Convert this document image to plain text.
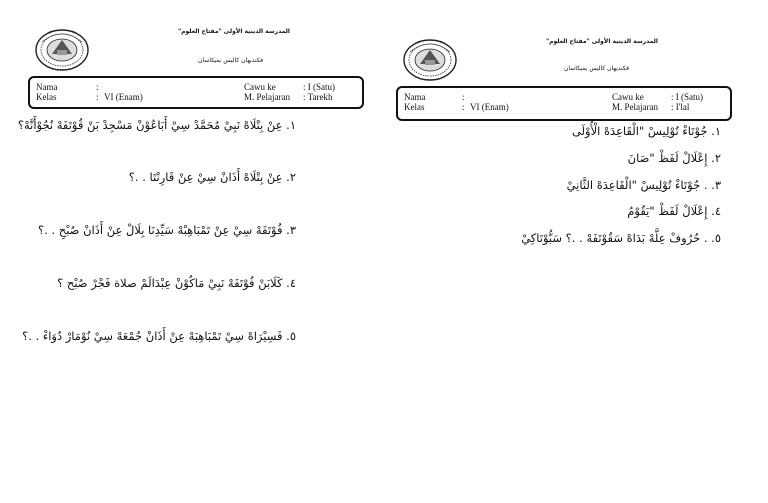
المدرسة الدينية الأولى "مفتاح العلوم"
فكنديهان كاليس بميكاسان
Nama	:
Kelas	: VI (Enam)
Cawu ke	: I (Satu)
M. Pelajaran : Tarekh
١. عِنْ بِتْلَاهْ نَبِيْ مُحَمَّدْ سِيْ أَبَاعُوْنْ مَسْجِدْ بَنْ قُوْتَفَهْ نُجُوْأَنَّهْ؟
٢. عِنْ بِتْلَاهْ أَذَانْ سِيْ عِنْ قَارِنْتَا . .؟
٣. فُوْتَفَهْ سِيْ عِنْ تَمْبَاهِبْهْ سَيِّدِنَا بِلَالْ عِنْ أَذَانْ صُبْحِ . .؟
٤. كَلَابَنْ فُوْتَفَهْ نَبِيْ مَاكُوْنْ عِبْدَالَمْ صلاة فَجْرْ صُبْح ؟
٥. فَسِيْرَاهْ سِيْ تَمْبَاهِبَهْ عِنْ أَذَانْ جُمْعَهْ سِيْ نُوْمَارْ دُوَاءْ . .؟
المدرسة الدينية الأولى "مفتاح العلوم"
فكنديهان كاليس بميكاسان
Nama	:
Kelas	: VI (Enam)
Cawu ke	: I (Satu)
M. Pelajaran : I'lal
١. جُوْتَاءْ تُوْلِيسْ "الْقَاعِدَهْ الْأُوْلَى
٢. إِعْلَالْ لَفَظْ "صَانَ
٣. . جُوْتَاءْ تُوْلِيسْ "الْقَاعِدَهْ الثَّانِيْ
٤. إِعْلَالْ لَفَظْ "يَقُوْمُ
٥. . حُرُوفْ عِلَّهْ بَدَاهْ سَقُوْتَفَهْ . .؟ سَبُّوْتَاكِيْ
